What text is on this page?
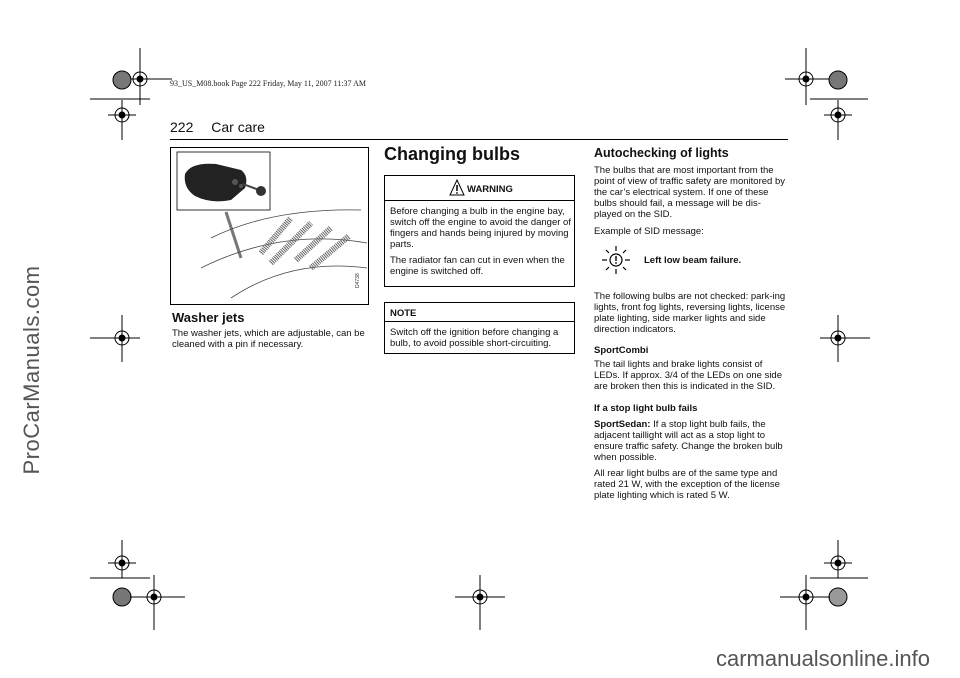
ProCarManuals.com
carmanualsonline.info
93_US_M08.book Page 222 Friday, May 11, 2007 11:37 AM
222 Car care
D4738
Washer jets
The washer jets, which are adjustable, can be cleaned with a pin if necessary.
Changing bulbs
WARNING
Before changing a bulb in the engine bay, switch off the engine to avoid the danger of fingers and hands being injured by moving parts.
The radiator fan can cut in even when the engine is switched off.
NOTE
Switch off the ignition before changing a bulb, to avoid possible short-circuiting.
Autochecking of lights
The bulbs that are most important from the point of view of traffic safety are monitored by the car’s electrical system. If one of these bulbs should fail, a message will be dis-played on the SID.
Example of SID message:
Left low beam failure.
The following bulbs are not checked: park-ing lights, front fog lights, reversing lights, license plate lighting, side marker lights and side direction indicators.
SportCombi
The tail lights and brake lights consist of LEDs. If approx. 3/4 of the LEDs on one side are broken then this is indicated in the SID.
If a stop light bulb fails
SportSedan: If a stop light bulb fails, the adjacent taillight will act as a stop light to ensure traffic safety. Change the broken bulb when possible.
All rear light bulbs are of the same type and rated 21 W, with the exception of the license plate lighting which is rated 5 W.
